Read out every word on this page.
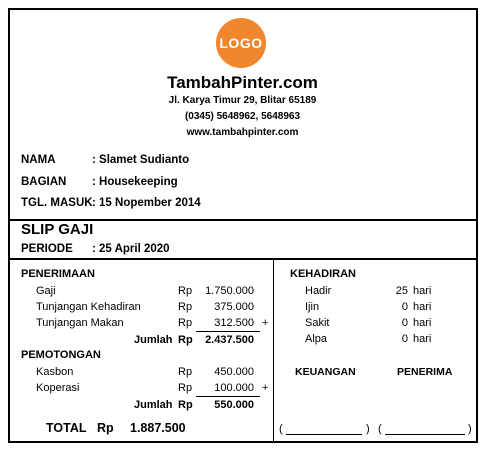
LOGO
TambahPinter.com
Jl. Karya Timur 29, Blitar 65189
(0345) 5648962, 5648963
www.tambahpinter.com
NAMA	: Slamet Sudianto
BAGIAN : Housekeeping
TGL. MASUK : 15 Nopember 2014
SLIP GAJI
PERIODE : 25 April 2020
PENERIMAAN
Gaji	Rp	1.750.000
Tunjangan Kehadiran	Rp	375.000
Tunjangan Makan	Rp	312.500 +
Jumlah Rp	2.437.500
PEMOTONGAN
Kasbon	Rp	450.000
Koperasi	Rp	100.000 +
Jumlah Rp	550.000
TOTAL Rp 1.887.500
KEHADIRAN
Hadir	25 hari
Ijin	0 hari
Sakit	0 hari
Alpa	0 hari
KEUANGAN	PENERIMA
(	) (	)
